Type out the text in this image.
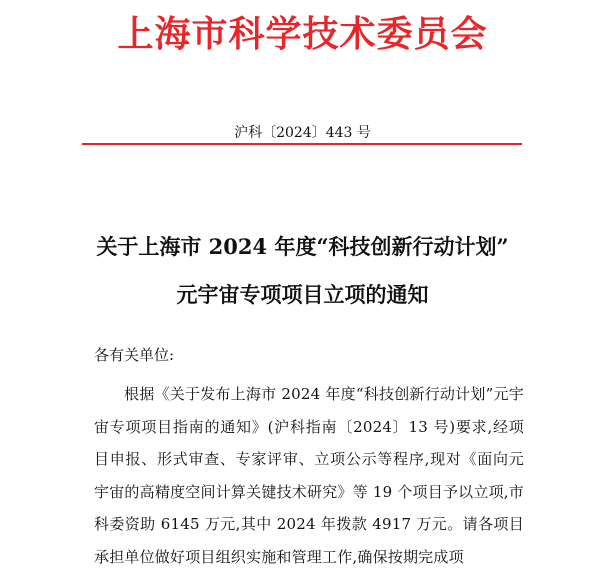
上海市科学技术委员会
沪科〔2024〕443 号
关于上海市 2024 年度“科技创新行动计划”
元宇宙专项项目立项的通知
各有关单位:

根据《关于发布上海市 2024 年度“科技创新行动计划”元宇宙专项项目指南的通知》(沪科指南〔2024〕13 号)要求,经项目申报、形式审查、专家评审、立项公示等程序,现对《面向元宇宙的高精度空间计算关键技术研究》等 19 个项目予以立项,市科委资助 6145 万元,其中 2024 年拨款 4917 万元。请各项目承担单位做好项目组织实施和管理工作,确保按期完成项
